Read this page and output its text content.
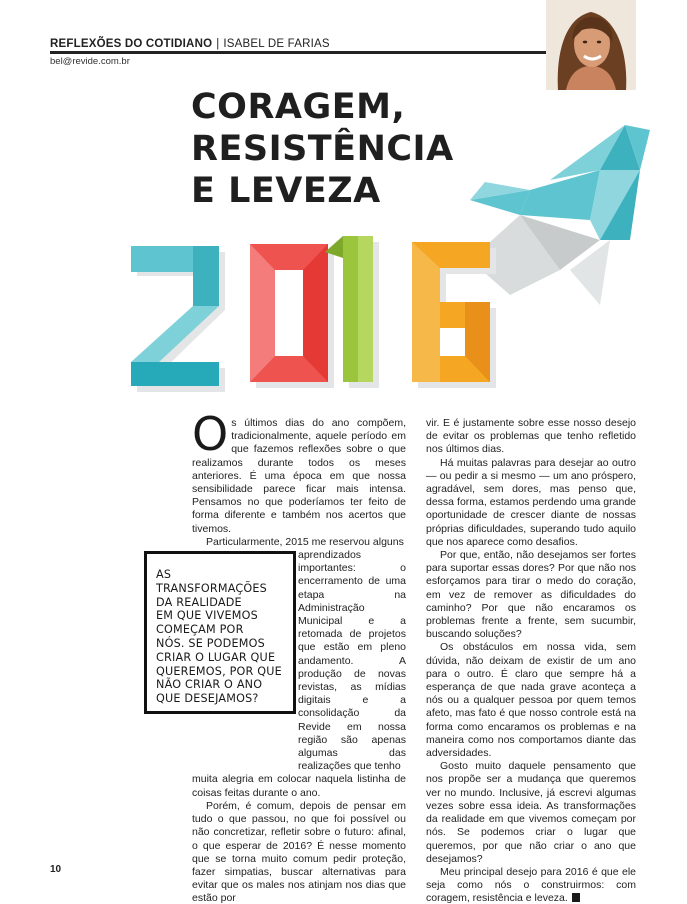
REFLEXÕES DO COTIDIANO | ISABEL DE FARIAS
bel@revide.com.br
CORAGEM,
RESISTÊNCIA
E LEVEZA

Os últimos dias do ano compõem, tradicionalmente, aquele período em que fazemos reflexões sobre o que realizamos durante todos os meses anteriores. É uma época em que nossa sensibilidade parece ficar mais intensa. Pensamos no que poderíamos ter feito de forma diferente e também nos acertos que tivemos.

Particularmente, 2015 me reservou alguns

aprendizados importantes: o encerramento de uma etapa na Administração Municipal e a retomada de projetos que estão em pleno andamento. A produção de novas revistas, as mídias digitais e a consolidação da Revide em nossa região são apenas algumas das realizações que tenho

muita alegria em colocar naquela listinha de coisas feitas durante o ano.

Porém, é comum, depois de pensar em tudo o que passou, no que foi possível ou não concretizar, refletir sobre o futuro: afinal, o que esperar de 2016? É nesse momento que se torna muito comum pedir proteção, fazer simpatias, buscar alternativas para evitar que os males nos atinjam nos dias que estão por

AS TRANSFORMAÇÕES
DA REALIDADE
EM QUE VIVEMOS
COMEÇAM POR
NÓS. SE PODEMOS
CRIAR O LUGAR QUE
QUEREMOS, POR QUE
NÃO CRIAR O ANO
QUE DESEJAMOS?

vir. E é justamente sobre esse nosso desejo de evitar os problemas que tenho refletido nos últimos dias.

Há muitas palavras para desejar ao outro — ou pedir a si mesmo — um ano próspero, agradável, sem dores, mas penso que, dessa forma, estamos perdendo uma grande oportunidade de crescer diante de nossas próprias dificuldades, superando tudo aquilo que nos aparece como desafios.

Por que, então, não desejamos ser fortes para suportar essas dores? Por que não nos esforçamos para tirar o medo do coração, em vez de remover as dificuldades do caminho? Por que não encaramos os problemas frente a frente, sem sucumbir, buscando soluções?

Os obstáculos em nossa vida, sem dúvida, não deixam de existir de um ano para o outro. É claro que sempre há a esperança de que nada grave aconteça a nós ou a qualquer pessoa por quem temos afeto, mas fato é que nosso controle está na forma como encaramos os problemas e na maneira como nos comportamos diante das adversidades.

Gosto muito daquele pensamento que nos propõe ser a mudança que queremos ver no mundo. Inclusive, já escrevi algumas vezes sobre essa ideia. As transformações da realidade em que vivemos começam por nós. Se podemos criar o lugar que queremos, por que não criar o ano que desejamos?

Meu principal desejo para 2016 é que ele seja como nós o construirmos: com coragem, resistência e leveza.

10
